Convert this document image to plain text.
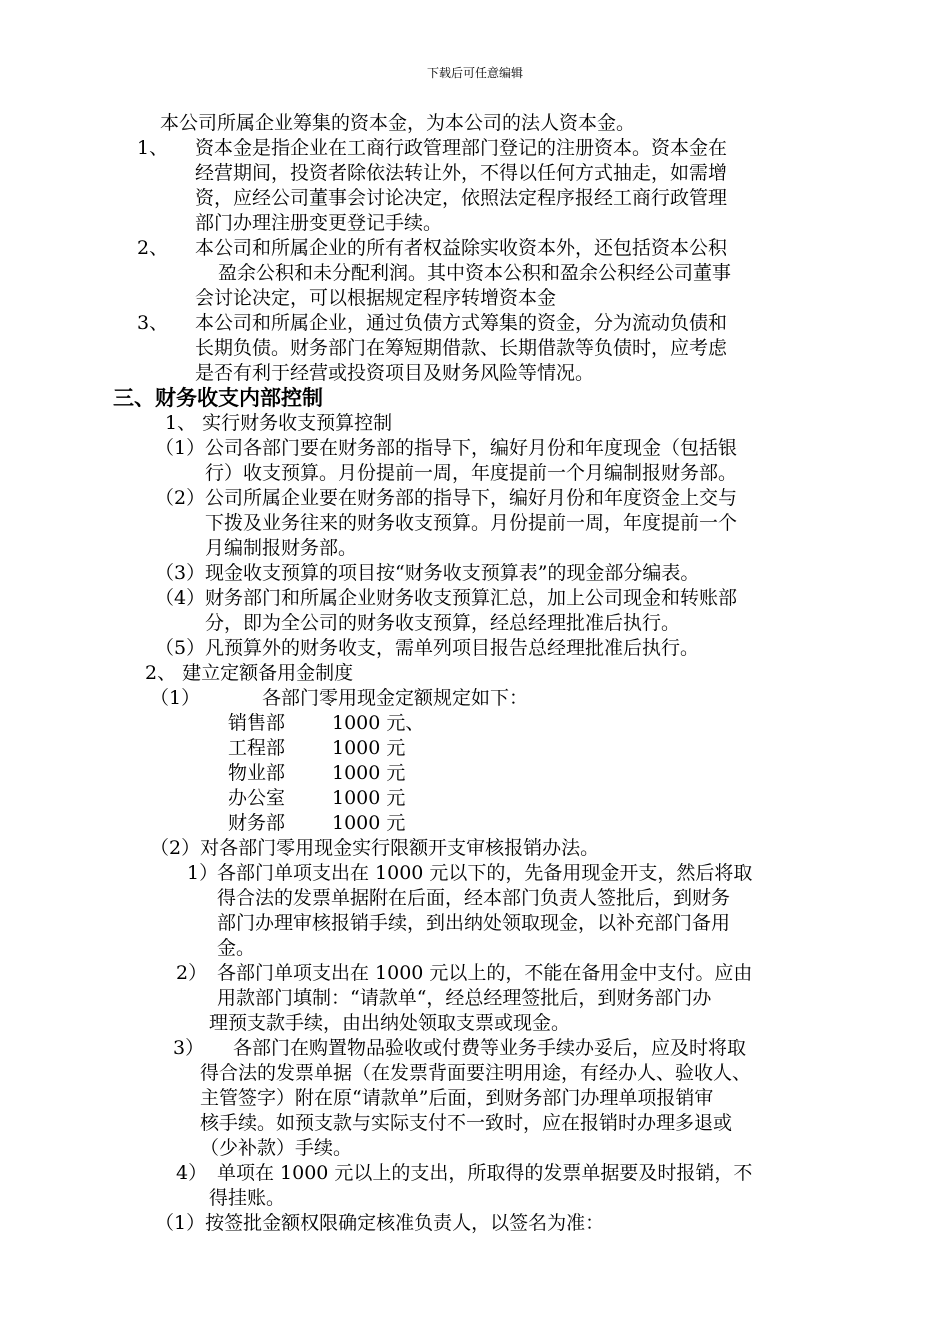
下载后可任意编辑
本公司所属企业筹集的资本金，为本公司的法人资本金。
1、 资本金是指企业在工商行政管理部门登记的注册资本。资本金在
经营期间，投资者除依法转让外，不得以任何方式抽走，如需增
资，应经公司董事会讨论决定，依照法定程序报经工商行政管理
部门办理注册变更登记手续。
2、 本公司和所属企业的所有者权益除实收资本外，还包括资本公积
盈余公积和未分配利润。其中资本公积和盈余公积经公司董事
会讨论决定，可以根据规定程序转增资本金
3、 本公司和所属企业，通过负债方式筹集的资金，分为流动负债和
长期负债。财务部门在筹短期借款、长期借款等负债时，应考虑
是否有利于经营或投资项目及财务风险等情况。
三、财务收支内部控制
1、 实行财务收支预算控制
（1） 公司各部门要在财务部的指导下，编好月份和年度现金（包括银
行）收支预算。月份提前一周，年度提前一个月编制报财务部。
（2） 公司所属企业要在财务部的指导下，编好月份和年度资金上交与
下拨及业务往来的财务收支预算。月份提前一周，年度提前一个
月编制报财务部。
（3） 现金收支预算的项目按“财务收支预算表”的现金部分编表。
（4） 财务部门和所属企业财务收支预算汇总，加上公司现金和转账部
分，即为全公司的财务收支预算，经总经理批准后执行。
（5） 凡预算外的财务收支，需单列项目报告总经理批准后执行。
2、 建立定额备用金制度
（1）	各部门零用现金定额规定如下：
销售部 1000 元、
工程部 1000 元
物业部 1000 元
办公室 1000 元
财务部 1000 元
（2）对各部门零用现金实行限额开支审核报销办法。
1）
各部门单项支出在 1000 元以下的，先备用现金开支，然后将取
得合法的发票单据附在后面，经本部门负责人签批后，到财务
部门办理审核报销手续，到出纳处领取现金，以补充部门备用
金。
2） 各部门单项支出在 1000 元以上的，不能在备用金中支付。应由
用款部门填制：“请款单“，经总经理签批后，到财务部门办
理预支款手续，由出纳处领取支票或现金。
3） 各部门在购置物品验收或付费等业务手续办妥后，应及时将取
得合法的发票单据（在发票背面要注明用途，有经办人、验收人、
主管签字）附在原“请款单”后面，到财务部门办理单项报销审
核手续。如预支款与实际支付不一致时，应在报销时办理多退或
（少补款）手续。
4） 单项在 1000 元以上的支出，所取得的发票单据要及时报销，不
得挂账。
（1）按签批金额权限确定核准负责人，以签名为准：
